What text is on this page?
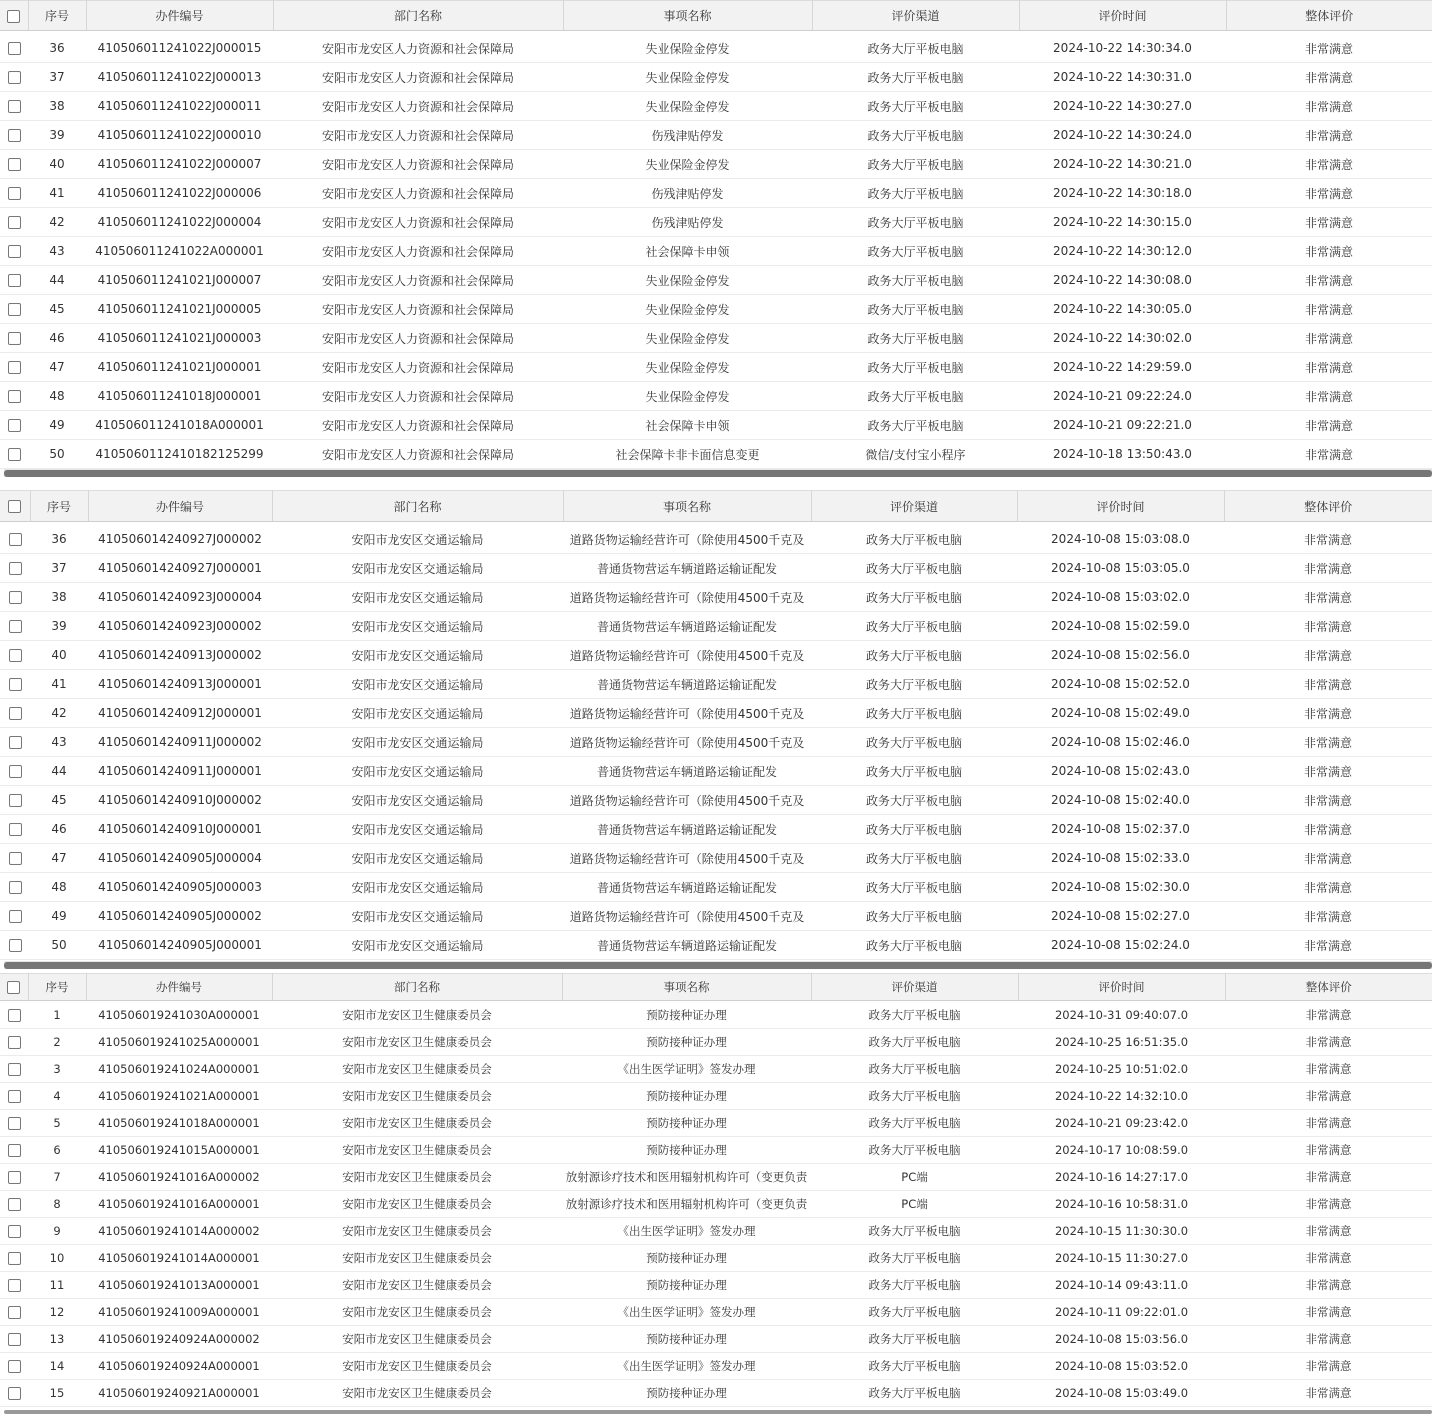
	序号	办件编号	部门名称	事项名称	评价渠道	评价时间	整体评价

	36	410506011241022J000015	安阳市龙安区人力资源和社会保障局	失业保险金停发	政务大厅平板电脑	2024-10-22 14:30:34.0	非常满意
	37	410506011241022J000013	安阳市龙安区人力资源和社会保障局	失业保险金停发	政务大厅平板电脑	2024-10-22 14:30:31.0	非常满意
	38	410506011241022J000011	安阳市龙安区人力资源和社会保障局	失业保险金停发	政务大厅平板电脑	2024-10-22 14:30:27.0	非常满意
	39	410506011241022J000010	安阳市龙安区人力资源和社会保障局	伤残津贴停发	政务大厅平板电脑	2024-10-22 14:30:24.0	非常满意
	40	410506011241022J000007	安阳市龙安区人力资源和社会保障局	失业保险金停发	政务大厅平板电脑	2024-10-22 14:30:21.0	非常满意
	41	410506011241022J000006	安阳市龙安区人力资源和社会保障局	伤残津贴停发	政务大厅平板电脑	2024-10-22 14:30:18.0	非常满意
	42	410506011241022J000004	安阳市龙安区人力资源和社会保障局	伤残津贴停发	政务大厅平板电脑	2024-10-22 14:30:15.0	非常满意
	43	410506011241022A000001	安阳市龙安区人力资源和社会保障局	社会保障卡申领	政务大厅平板电脑	2024-10-22 14:30:12.0	非常满意
	44	410506011241021J000007	安阳市龙安区人力资源和社会保障局	失业保险金停发	政务大厅平板电脑	2024-10-22 14:30:08.0	非常满意
	45	410506011241021J000005	安阳市龙安区人力资源和社会保障局	失业保险金停发	政务大厅平板电脑	2024-10-22 14:30:05.0	非常满意
	46	410506011241021J000003	安阳市龙安区人力资源和社会保障局	失业保险金停发	政务大厅平板电脑	2024-10-22 14:30:02.0	非常满意
	47	410506011241021J000001	安阳市龙安区人力资源和社会保障局	失业保险金停发	政务大厅平板电脑	2024-10-22 14:29:59.0	非常满意
	48	410506011241018J000001	安阳市龙安区人力资源和社会保障局	失业保险金停发	政务大厅平板电脑	2024-10-21 09:22:24.0	非常满意
	49	410506011241018A000001	安阳市龙安区人力资源和社会保障局	社会保障卡申领	政务大厅平板电脑	2024-10-21 09:22:21.0	非常满意
	50	4105060112410182125299	安阳市龙安区人力资源和社会保障局	社会保障卡非卡面信息变更	微信/支付宝小程序	2024-10-18 13:50:43.0	非常满意
	序号	办件编号	部门名称	事项名称	评价渠道	评价时间	整体评价

	36	410506014240927J000002	安阳市龙安区交通运输局	道路货物运输经营许可（除使用4500千克及	政务大厅平板电脑	2024-10-08 15:03:08.0	非常满意
	37	410506014240927J000001	安阳市龙安区交通运输局	普通货物营运车辆道路运输证配发	政务大厅平板电脑	2024-10-08 15:03:05.0	非常满意
	38	410506014240923J000004	安阳市龙安区交通运输局	道路货物运输经营许可（除使用4500千克及	政务大厅平板电脑	2024-10-08 15:03:02.0	非常满意
	39	410506014240923J000002	安阳市龙安区交通运输局	普通货物营运车辆道路运输证配发	政务大厅平板电脑	2024-10-08 15:02:59.0	非常满意
	40	410506014240913J000002	安阳市龙安区交通运输局	道路货物运输经营许可（除使用4500千克及	政务大厅平板电脑	2024-10-08 15:02:56.0	非常满意
	41	410506014240913J000001	安阳市龙安区交通运输局	普通货物营运车辆道路运输证配发	政务大厅平板电脑	2024-10-08 15:02:52.0	非常满意
	42	410506014240912J000001	安阳市龙安区交通运输局	道路货物运输经营许可（除使用4500千克及	政务大厅平板电脑	2024-10-08 15:02:49.0	非常满意
	43	410506014240911J000002	安阳市龙安区交通运输局	道路货物运输经营许可（除使用4500千克及	政务大厅平板电脑	2024-10-08 15:02:46.0	非常满意
	44	410506014240911J000001	安阳市龙安区交通运输局	普通货物营运车辆道路运输证配发	政务大厅平板电脑	2024-10-08 15:02:43.0	非常满意
	45	410506014240910J000002	安阳市龙安区交通运输局	道路货物运输经营许可（除使用4500千克及	政务大厅平板电脑	2024-10-08 15:02:40.0	非常满意
	46	410506014240910J000001	安阳市龙安区交通运输局	普通货物营运车辆道路运输证配发	政务大厅平板电脑	2024-10-08 15:02:37.0	非常满意
	47	410506014240905J000004	安阳市龙安区交通运输局	道路货物运输经营许可（除使用4500千克及	政务大厅平板电脑	2024-10-08 15:02:33.0	非常满意
	48	410506014240905J000003	安阳市龙安区交通运输局	普通货物营运车辆道路运输证配发	政务大厅平板电脑	2024-10-08 15:02:30.0	非常满意
	49	410506014240905J000002	安阳市龙安区交通运输局	道路货物运输经营许可（除使用4500千克及	政务大厅平板电脑	2024-10-08 15:02:27.0	非常满意
	50	410506014240905J000001	安阳市龙安区交通运输局	普通货物营运车辆道路运输证配发	政务大厅平板电脑	2024-10-08 15:02:24.0	非常满意
	序号	办件编号	部门名称	事项名称	评价渠道	评价时间	整体评价

	1	410506019241030A000001	安阳市龙安区卫生健康委员会	预防接种证办理	政务大厅平板电脑	2024-10-31 09:40:07.0	非常满意
	2	410506019241025A000001	安阳市龙安区卫生健康委员会	预防接种证办理	政务大厅平板电脑	2024-10-25 16:51:35.0	非常满意
	3	410506019241024A000001	安阳市龙安区卫生健康委员会	《出生医学证明》签发办理	政务大厅平板电脑	2024-10-25 10:51:02.0	非常满意
	4	410506019241021A000001	安阳市龙安区卫生健康委员会	预防接种证办理	政务大厅平板电脑	2024-10-22 14:32:10.0	非常满意
	5	410506019241018A000001	安阳市龙安区卫生健康委员会	预防接种证办理	政务大厅平板电脑	2024-10-21 09:23:42.0	非常满意
	6	410506019241015A000001	安阳市龙安区卫生健康委员会	预防接种证办理	政务大厅平板电脑	2024-10-17 10:08:59.0	非常满意
	7	410506019241016A000002	安阳市龙安区卫生健康委员会	放射源诊疗技术和医用辐射机构许可（变更负责	PC端	2024-10-16 14:27:17.0	非常满意
	8	410506019241016A000001	安阳市龙安区卫生健康委员会	放射源诊疗技术和医用辐射机构许可（变更负责	PC端	2024-10-16 10:58:31.0	非常满意
	9	410506019241014A000002	安阳市龙安区卫生健康委员会	《出生医学证明》签发办理	政务大厅平板电脑	2024-10-15 11:30:30.0	非常满意
	10	410506019241014A000001	安阳市龙安区卫生健康委员会	预防接种证办理	政务大厅平板电脑	2024-10-15 11:30:27.0	非常满意
	11	410506019241013A000001	安阳市龙安区卫生健康委员会	预防接种证办理	政务大厅平板电脑	2024-10-14 09:43:11.0	非常满意
	12	410506019241009A000001	安阳市龙安区卫生健康委员会	《出生医学证明》签发办理	政务大厅平板电脑	2024-10-11 09:22:01.0	非常满意
	13	410506019240924A000002	安阳市龙安区卫生健康委员会	预防接种证办理	政务大厅平板电脑	2024-10-08 15:03:56.0	非常满意
	14	410506019240924A000001	安阳市龙安区卫生健康委员会	《出生医学证明》签发办理	政务大厅平板电脑	2024-10-08 15:03:52.0	非常满意
	15	410506019240921A000001	安阳市龙安区卫生健康委员会	预防接种证办理	政务大厅平板电脑	2024-10-08 15:03:49.0	非常满意
